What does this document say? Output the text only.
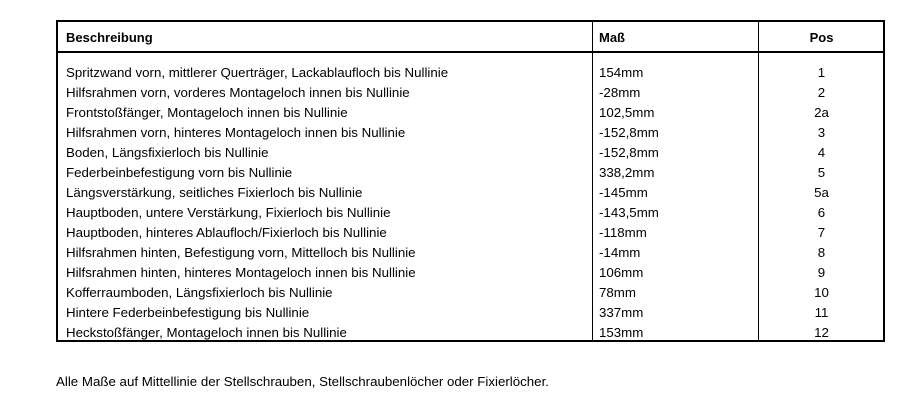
Beschreibung	Maß	Pos
Spritzwand vorn, mittlerer Querträger, Lackablaufloch bis Nullinie	154mm	1
Hilfsrahmen vorn, vorderes Montageloch innen bis Nullinie	-28mm	2
Frontstoßfänger, Montageloch innen bis Nullinie	102,5mm	2a
Hilfsrahmen vorn, hinteres Montageloch innen bis Nullinie	-152,8mm	3
Boden, Längsfixierloch bis Nullinie	-152,8mm	4
Federbeinbefestigung vorn bis Nullinie	338,2mm	5
Längsverstärkung, seitliches Fixierloch bis Nullinie	-145mm	5a
Hauptboden, untere Verstärkung, Fixierloch bis Nullinie	-143,5mm	6
Hauptboden, hinteres Ablaufloch/Fixierloch bis Nullinie	-118mm	7
Hilfsrahmen hinten, Befestigung vorn, Mittelloch bis Nullinie	-14mm	8
Hilfsrahmen hinten, hinteres Montageloch innen bis Nullinie	106mm	9
Kofferraumboden, Längsfixierloch bis Nullinie	78mm	10
Hintere Federbeinbefestigung bis Nullinie	337mm	11
Heckstoßfänger, Montageloch innen bis Nullinie	153mm	12
Alle Maße auf Mittellinie der Stellschrauben, Stellschraubenlöcher oder Fixierlöcher.
